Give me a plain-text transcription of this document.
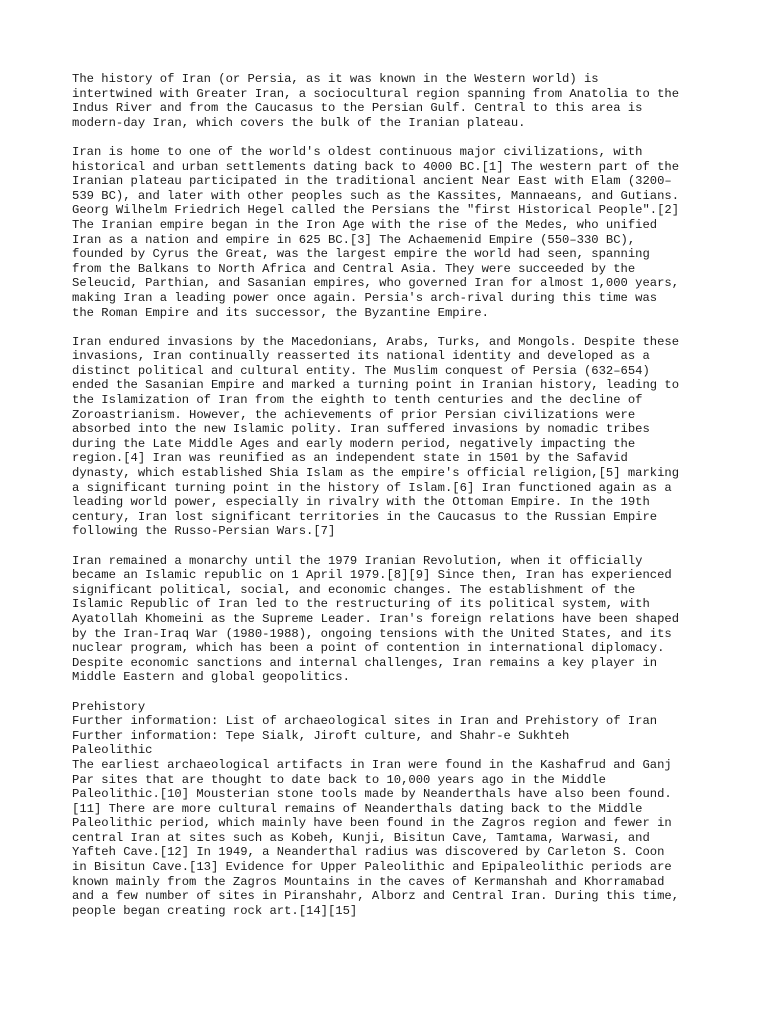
The history of Iran (or Persia, as it was known in the Western world) is
intertwined with Greater Iran, a sociocultural region spanning from Anatolia to the
Indus River and from the Caucasus to the Persian Gulf. Central to this area is
modern-day Iran, which covers the bulk of the Iranian plateau.

Iran is home to one of the world's oldest continuous major civilizations, with
historical and urban settlements dating back to 4000 BC.[1] The western part of the
Iranian plateau participated in the traditional ancient Near East with Elam (3200–
539 BC), and later with other peoples such as the Kassites, Mannaeans, and Gutians.
Georg Wilhelm Friedrich Hegel called the Persians the "first Historical People".[2]
The Iranian empire began in the Iron Age with the rise of the Medes, who unified
Iran as a nation and empire in 625 BC.[3] The Achaemenid Empire (550–330 BC),
founded by Cyrus the Great, was the largest empire the world had seen, spanning
from the Balkans to North Africa and Central Asia. They were succeeded by the
Seleucid, Parthian, and Sasanian empires, who governed Iran for almost 1,000 years,
making Iran a leading power once again. Persia's arch-rival during this time was
the Roman Empire and its successor, the Byzantine Empire.

Iran endured invasions by the Macedonians, Arabs, Turks, and Mongols. Despite these
invasions, Iran continually reasserted its national identity and developed as a
distinct political and cultural entity. The Muslim conquest of Persia (632–654)
ended the Sasanian Empire and marked a turning point in Iranian history, leading to
the Islamization of Iran from the eighth to tenth centuries and the decline of
Zoroastrianism. However, the achievements of prior Persian civilizations were
absorbed into the new Islamic polity. Iran suffered invasions by nomadic tribes
during the Late Middle Ages and early modern period, negatively impacting the
region.[4] Iran was reunified as an independent state in 1501 by the Safavid
dynasty, which established Shia Islam as the empire's official religion,[5] marking
a significant turning point in the history of Islam.[6] Iran functioned again as a
leading world power, especially in rivalry with the Ottoman Empire. In the 19th
century, Iran lost significant territories in the Caucasus to the Russian Empire
following the Russo-Persian Wars.[7]

Iran remained a monarchy until the 1979 Iranian Revolution, when it officially
became an Islamic republic on 1 April 1979.[8][9] Since then, Iran has experienced
significant political, social, and economic changes. The establishment of the
Islamic Republic of Iran led to the restructuring of its political system, with
Ayatollah Khomeini as the Supreme Leader. Iran's foreign relations have been shaped
by the Iran-Iraq War (1980-1988), ongoing tensions with the United States, and its
nuclear program, which has been a point of contention in international diplomacy.
Despite economic sanctions and internal challenges, Iran remains a key player in
Middle Eastern and global geopolitics.

Prehistory
Further information: List of archaeological sites in Iran and Prehistory of Iran
Further information: Tepe Sialk, Jiroft culture, and Shahr-e Sukhteh
Paleolithic
The earliest archaeological artifacts in Iran were found in the Kashafrud and Ganj
Par sites that are thought to date back to 10,000 years ago in the Middle
Paleolithic.[10] Mousterian stone tools made by Neanderthals have also been found.
[11] There are more cultural remains of Neanderthals dating back to the Middle
Paleolithic period, which mainly have been found in the Zagros region and fewer in
central Iran at sites such as Kobeh, Kunji, Bisitun Cave, Tamtama, Warwasi, and
Yafteh Cave.[12] In 1949, a Neanderthal radius was discovered by Carleton S. Coon
in Bisitun Cave.[13] Evidence for Upper Paleolithic and Epipaleolithic periods are
known mainly from the Zagros Mountains in the caves of Kermanshah and Khorramabad
and a few number of sites in Piranshahr, Alborz and Central Iran. During this time,
people began creating rock art.[14][15]
